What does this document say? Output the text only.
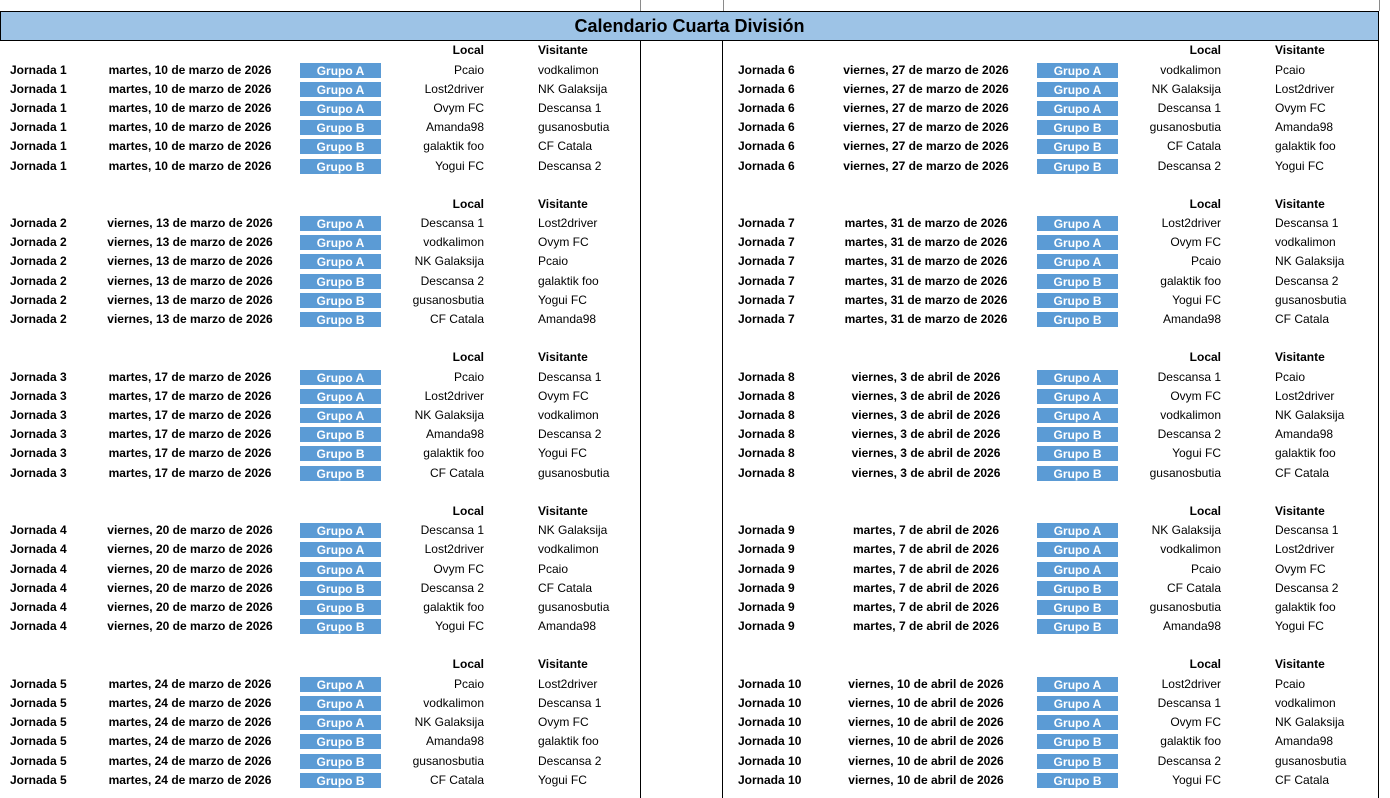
Calendario Cuarta División
Local	Visitante
Jornada 1	martes, 10 de marzo de 2026	Grupo A	Pcaio	vodkalimon
Jornada 1	martes, 10 de marzo de 2026	Grupo A	Lost2driver	NK Galaksija
Jornada 1	martes, 10 de marzo de 2026	Grupo A	Ovym FC	Descansa 1
Jornada 1	martes, 10 de marzo de 2026	Grupo B	Amanda98	gusanosbutia
Jornada 1	martes, 10 de marzo de 2026	Grupo B	galaktik foo	CF Catala
Jornada 1	martes, 10 de marzo de 2026	Grupo B	Yogui FC	Descansa 2
Local	Visitante
Jornada 2	viernes, 13 de marzo de 2026	Grupo A	Descansa 1	Lost2driver
Jornada 2	viernes, 13 de marzo de 2026	Grupo A	vodkalimon	Ovym FC
Jornada 2	viernes, 13 de marzo de 2026	Grupo A	NK Galaksija	Pcaio
Jornada 2	viernes, 13 de marzo de 2026	Grupo B	Descansa 2	galaktik foo
Jornada 2	viernes, 13 de marzo de 2026	Grupo B	gusanosbutia	Yogui FC
Jornada 2	viernes, 13 de marzo de 2026	Grupo B	CF Catala	Amanda98
Local	Visitante
Jornada 3	martes, 17 de marzo de 2026	Grupo A	Pcaio	Descansa 1
Jornada 3	martes, 17 de marzo de 2026	Grupo A	Lost2driver	Ovym FC
Jornada 3	martes, 17 de marzo de 2026	Grupo A	NK Galaksija	vodkalimon
Jornada 3	martes, 17 de marzo de 2026	Grupo B	Amanda98	Descansa 2
Jornada 3	martes, 17 de marzo de 2026	Grupo B	galaktik foo	Yogui FC
Jornada 3	martes, 17 de marzo de 2026	Grupo B	CF Catala	gusanosbutia
Local	Visitante
Jornada 4	viernes, 20 de marzo de 2026	Grupo A	Descansa 1	NK Galaksija
Jornada 4	viernes, 20 de marzo de 2026	Grupo A	Lost2driver	vodkalimon
Jornada 4	viernes, 20 de marzo de 2026	Grupo A	Ovym FC	Pcaio
Jornada 4	viernes, 20 de marzo de 2026	Grupo B	Descansa 2	CF Catala
Jornada 4	viernes, 20 de marzo de 2026	Grupo B	galaktik foo	gusanosbutia
Jornada 4	viernes, 20 de marzo de 2026	Grupo B	Yogui FC	Amanda98
Local	Visitante
Jornada 5	martes, 24 de marzo de 2026	Grupo A	Pcaio	Lost2driver
Jornada 5	martes, 24 de marzo de 2026	Grupo A	vodkalimon	Descansa 1
Jornada 5	martes, 24 de marzo de 2026	Grupo A	NK Galaksija	Ovym FC
Jornada 5	martes, 24 de marzo de 2026	Grupo B	Amanda98	galaktik foo
Jornada 5	martes, 24 de marzo de 2026	Grupo B	gusanosbutia	Descansa 2
Jornada 5	martes, 24 de marzo de 2026	Grupo B	CF Catala	Yogui FC
Local	Visitante
Jornada 6	viernes, 27 de marzo de 2026	Grupo A	vodkalimon	Pcaio
Jornada 6	viernes, 27 de marzo de 2026	Grupo A	NK Galaksija	Lost2driver
Jornada 6	viernes, 27 de marzo de 2026	Grupo A	Descansa 1	Ovym FC
Jornada 6	viernes, 27 de marzo de 2026	Grupo B	gusanosbutia	Amanda98
Jornada 6	viernes, 27 de marzo de 2026	Grupo B	CF Catala	galaktik foo
Jornada 6	viernes, 27 de marzo de 2026	Grupo B	Descansa 2	Yogui FC
Local	Visitante
Jornada 7	martes, 31 de marzo de 2026	Grupo A	Lost2driver	Descansa 1
Jornada 7	martes, 31 de marzo de 2026	Grupo A	Ovym FC	vodkalimon
Jornada 7	martes, 31 de marzo de 2026	Grupo A	Pcaio	NK Galaksija
Jornada 7	martes, 31 de marzo de 2026	Grupo B	galaktik foo	Descansa 2
Jornada 7	martes, 31 de marzo de 2026	Grupo B	Yogui FC	gusanosbutia
Jornada 7	martes, 31 de marzo de 2026	Grupo B	Amanda98	CF Catala
Local	Visitante
Jornada 8	viernes, 3 de abril de 2026	Grupo A	Descansa 1	Pcaio
Jornada 8	viernes, 3 de abril de 2026	Grupo A	Ovym FC	Lost2driver
Jornada 8	viernes, 3 de abril de 2026	Grupo A	vodkalimon	NK Galaksija
Jornada 8	viernes, 3 de abril de 2026	Grupo B	Descansa 2	Amanda98
Jornada 8	viernes, 3 de abril de 2026	Grupo B	Yogui FC	galaktik foo
Jornada 8	viernes, 3 de abril de 2026	Grupo B	gusanosbutia	CF Catala
Local	Visitante
Jornada 9	martes, 7 de abril de 2026	Grupo A	NK Galaksija	Descansa 1
Jornada 9	martes, 7 de abril de 2026	Grupo A	vodkalimon	Lost2driver
Jornada 9	martes, 7 de abril de 2026	Grupo A	Pcaio	Ovym FC
Jornada 9	martes, 7 de abril de 2026	Grupo B	CF Catala	Descansa 2
Jornada 9	martes, 7 de abril de 2026	Grupo B	gusanosbutia	galaktik foo
Jornada 9	martes, 7 de abril de 2026	Grupo B	Amanda98	Yogui FC
Local	Visitante
Jornada 10	viernes, 10 de abril de 2026	Grupo A	Lost2driver	Pcaio
Jornada 10	viernes, 10 de abril de 2026	Grupo A	Descansa 1	vodkalimon
Jornada 10	viernes, 10 de abril de 2026	Grupo A	Ovym FC	NK Galaksija
Jornada 10	viernes, 10 de abril de 2026	Grupo B	galaktik foo	Amanda98
Jornada 10	viernes, 10 de abril de 2026	Grupo B	Descansa 2	gusanosbutia
Jornada 10	viernes, 10 de abril de 2026	Grupo B	Yogui FC	CF Catala
